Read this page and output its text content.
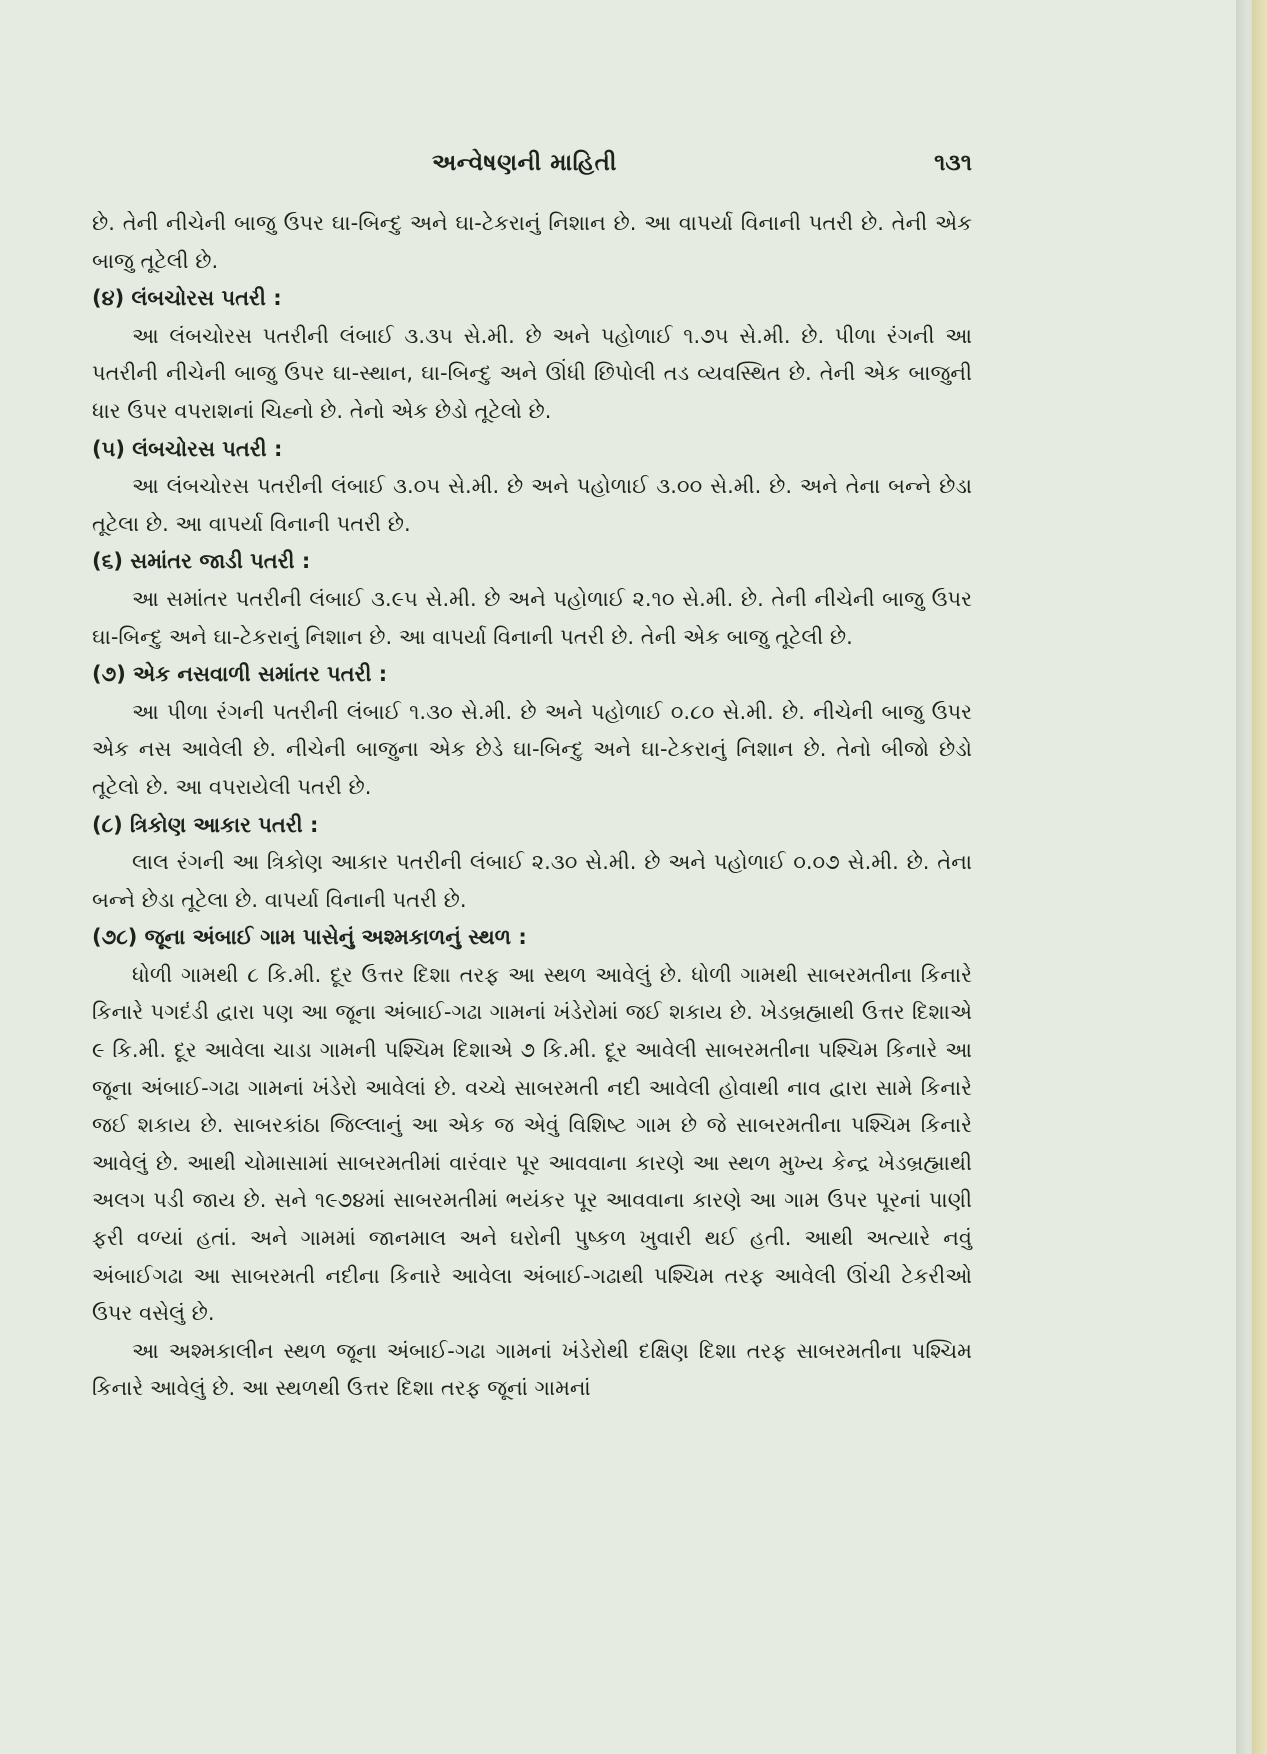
અન્વેષણની માહિતી	૧૩૧

છે. તેની નીચેની બાજુ ઉપર ઘા-બિન્દુ અને ઘા-ટેકરાનું નિશાન છે. આ વાપર્યા વિનાની પતરી છે. તેની એક બાજુ તૂટેલી છે.

(૪) લંબચોરસ પતરી :

આ લંબચોરસ પતરીની લંબાઈ ૩.૩૫ સે.મી. છે અને પહોળાઈ ૧.૭૫ સે.મી. છે. પીળા રંગની આ પતરીની નીચેની બાજુ ઉપર ઘા-સ્થાન, ઘા-બિન્દુ અને ઊંધી છિપોલી તડ વ્યવસ્થિત છે. તેની એક બાજુની ધાર ઉપર વપરાશનાં ચિહ્નો છે. તેનો એક છેડો તૂટેલો છે.

(૫) લંબચોરસ પતરી :

આ લંબચોરસ પતરીની લંબાઈ ૩.૦૫ સે.મી. છે અને પહોળાઈ ૩.૦૦ સે.મી. છે. અને તેના બન્ને છેડા તૂટેલા છે. આ વાપર્યા વિનાની પતરી છે.

(૬) સમાંતર જાડી પતરી :

આ સમાંતર પતરીની લંબાઈ ૩.૯૫ સે.મી. છે અને પહોળાઈ ૨.૧૦ સે.મી. છે. તેની નીચેની બાજુ ઉપર ઘા-બિન્દુ અને ઘા-ટેકરાનું નિશાન છે. આ વાપર્યા વિનાની પતરી છે. તેની એક બાજુ તૂટેલી છે.

(૭) એક નસવાળી સમાંતર પતરી :

આ પીળા રંગની પતરીની લંબાઈ ૧.૩૦ સે.મી. છે અને પહોળાઈ ૦.૮૦ સે.મી. છે. નીચેની બાજુ ઉપર એક નસ આવેલી છે. નીચેની બાજુના એક છેડે ઘા-બિન્દુ અને ઘા-ટેકરાનું નિશાન છે. તેનો બીજો છેડો તૂટેલો છે. આ વપરાયેલી પતરી છે.

(૮) ત્રિકોણ આકાર પતરી :

લાલ રંગની આ ત્રિકોણ આકાર પતરીની લંબાઈ ૨.૩૦ સે.મી. છે અને પહોળાઈ ૦.૦૭ સે.મી. છે. તેના બન્ને છેડા તૂટેલા છે. વાપર્યા વિનાની પતરી છે.

(૭૮) જૂના અંબાઈ ગામ પાસેનું અશ્મકાળનું સ્થળ :

ધોળી ગામથી ૮ કિ.મી. દૂર ઉત્તર દિશા તરફ આ સ્થળ આવેલું છે. ધોળી ગામથી સાબરમતીના કિનારે કિનારે પગદંડી દ્વારા પણ આ જૂના અંબાઈ-ગઢા ગામનાં ખંડેરોમાં જઈ શકાય છે. ખેડબ્રહ્માથી ઉત્તર દિશાએ ૯ કિ.મી. દૂર આવેલા ચાડા ગામની પશ્ચિમ દિશાએ ૭ કિ.મી. દૂર આવેલી સાબરમતીના પશ્ચિમ કિનારે આ જૂના અંબાઈ-ગઢા ગામનાં ખંડેરો આવેલાં છે. વચ્ચે સાબરમતી નદી આવેલી હોવાથી નાવ દ્વારા સામે કિનારે જઈ શકાય છે. સાબરકાંઠા જિલ્લાનું આ એક જ એવું વિશિષ્ટ ગામ છે જે સાબરમતીના પશ્ચિમ કિનારે આવેલું છે. આથી ચોમાસામાં સાબરમતીમાં વારંવાર પૂર આવવાના કારણે આ સ્થળ મુખ્ય કેન્દ્ર ખેડબ્રહ્માથી અલગ પડી જાય છે. સને ૧૯૭૪માં સાબરમતીમાં ભયંકર પૂર આવવાના કારણે આ ગામ ઉપર પૂરનાં પાણી ફરી વળ્યાં હતાં. અને ગામમાં જાનમાલ અને ઘરોની પુષ્કળ ખુવારી થઈ હતી. આથી અત્યારે નવું અંબાઈગઢા આ સાબરમતી નદીના કિનારે આવેલા અંબાઈ-ગઢાથી પશ્ચિમ તરફ આવેલી ઊંચી ટેકરીઓ ઉપર વસેલું છે.

આ અશ્મકાલીન સ્થળ જૂના અંબાઈ-ગઢા ગામનાં ખંડેરોથી દક્ષિણ દિશા તરફ સાબરમતીના પશ્ચિમ કિનારે આવેલું છે. આ સ્થળથી ઉત્તર દિશા તરફ જૂનાં ગામનાં
